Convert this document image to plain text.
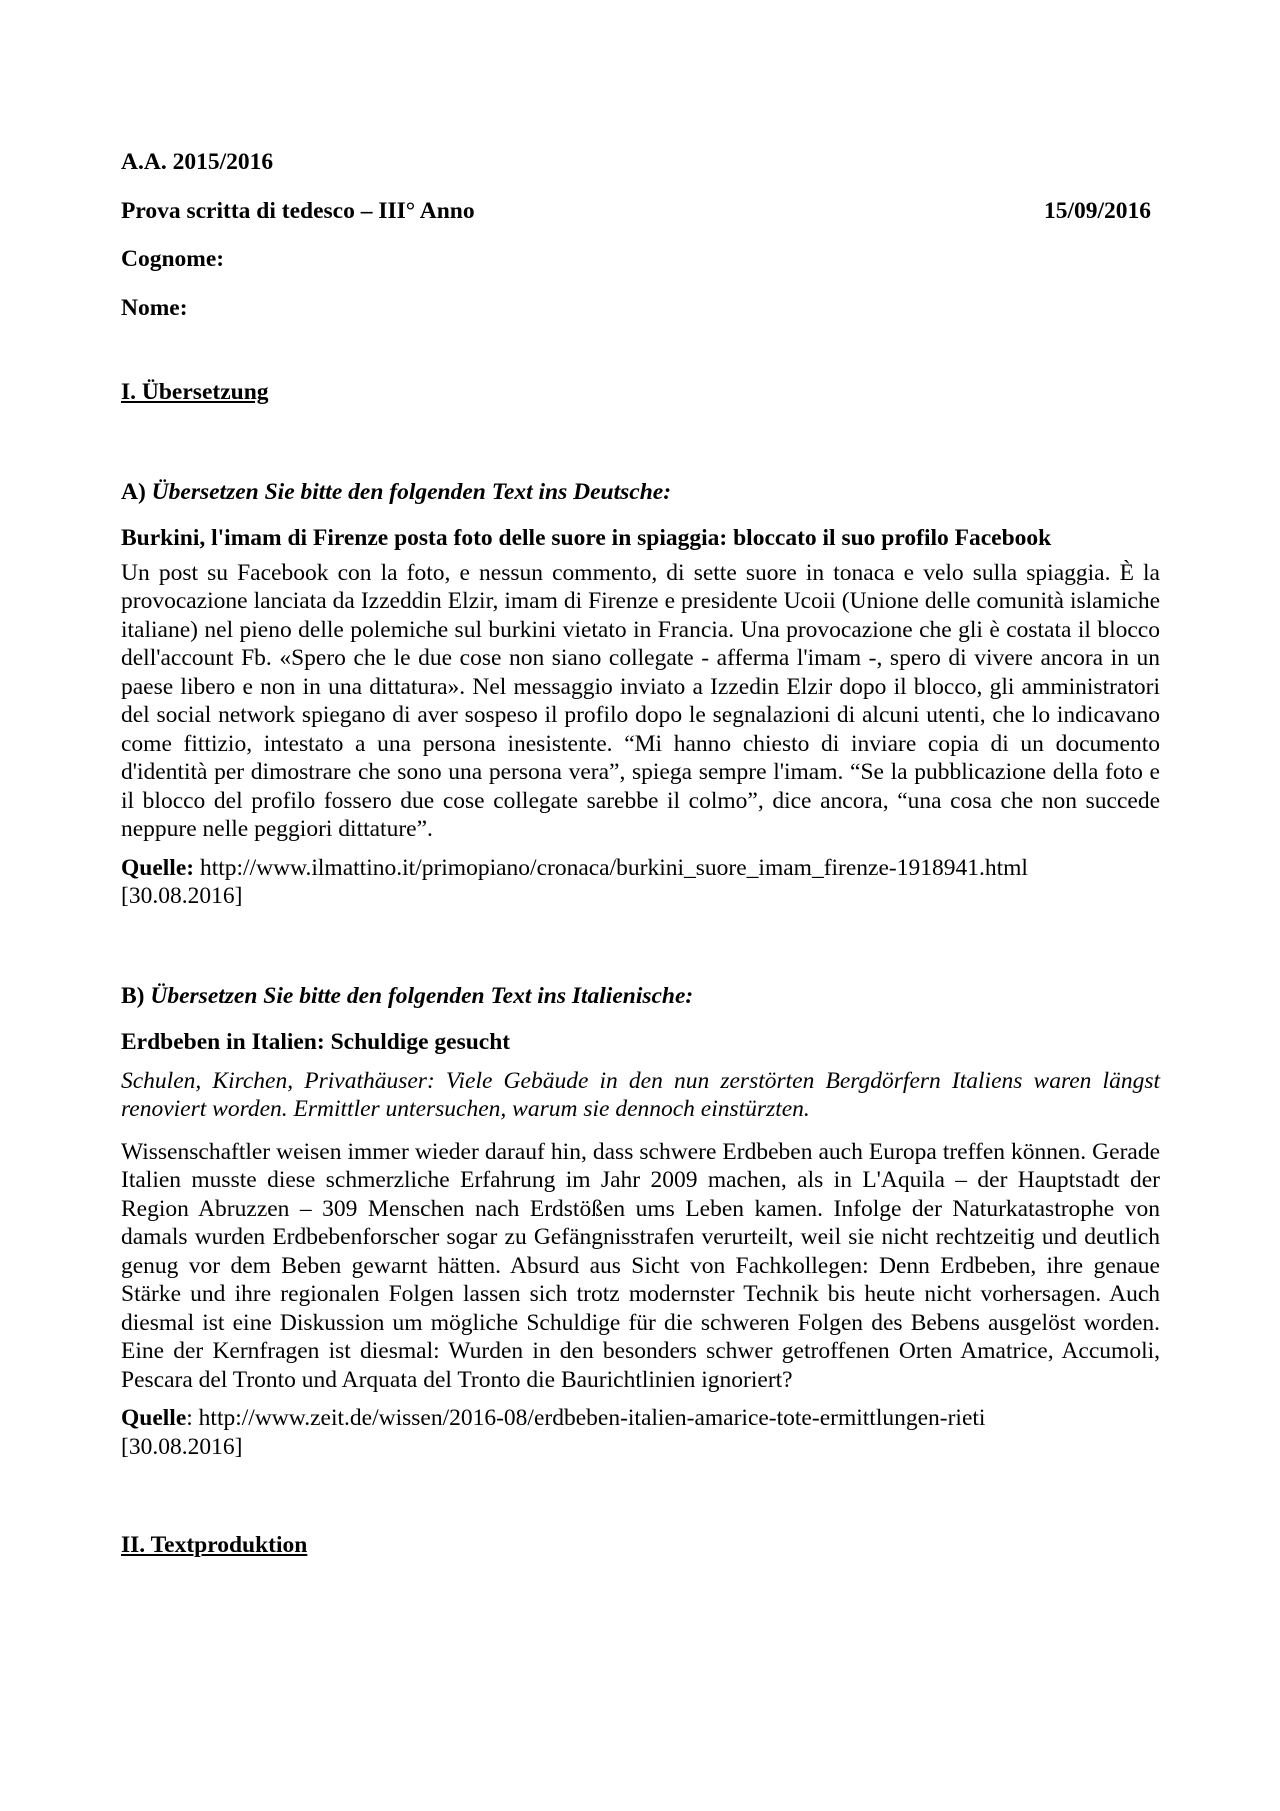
A.A. 2015/2016
Prova scritta di tedesco – III° Anno	15/09/2016
Cognome:
Nome:

I. Übersetzung

A) Übersetzen Sie bitte den folgenden Text ins Deutsche:

Burkini, l'imam di Firenze posta foto delle suore in spiaggia: bloccato il suo profilo Facebook

Un post su Facebook con la foto, e nessun commento, di sette suore in tonaca e velo sulla spiaggia. È la provocazione lanciata da Izzeddin Elzir, imam di Firenze e presidente Ucoii (Unione delle comunità islamiche italiane) nel pieno delle polemiche sul burkini vietato in Francia. Una provocazione che gli è costata il blocco dell'account Fb. «Spero che le due cose non siano collegate - afferma l'imam -, spero di vivere ancora in un paese libero e non in una dittatura». Nel messaggio inviato a Izzedin Elzir dopo il blocco, gli amministratori del social network spiegano di aver sospeso il profilo dopo le segnalazioni di alcuni utenti, che lo indicavano come fittizio, intestato a una persona inesistente. “Mi hanno chiesto di inviare copia di un documento d'identità per dimostrare che sono una persona vera”, spiega sempre l'imam. “Se la pubblicazione della foto e il blocco del profilo fossero due cose collegate sarebbe il colmo”, dice ancora, “una cosa che non succede neppure nelle peggiori dittature”.

Quelle: http://www.ilmattino.it/primopiano/cronaca/burkini_suore_imam_firenze-1918941.html
[30.08.2016]

B) Übersetzen Sie bitte den folgenden Text ins Italienische:

Erdbeben in Italien: Schuldige gesucht

Schulen, Kirchen, Privathäuser: Viele Gebäude in den nun zerstörten Bergdörfern Italiens waren längst renoviert worden. Ermittler untersuchen, warum sie dennoch einstürzten.

Wissenschaftler weisen immer wieder darauf hin, dass schwere Erdbeben auch Europa treffen können. Gerade Italien musste diese schmerzliche Erfahrung im Jahr 2009 machen, als in L'Aquila – der Hauptstadt der Region Abruzzen – 309 Menschen nach Erdstößen ums Leben kamen. Infolge der Naturkatastrophe von damals wurden Erdbebenforscher sogar zu Gefängnisstrafen verurteilt, weil sie nicht rechtzeitig und deutlich genug vor dem Beben gewarnt hätten. Absurd aus Sicht von Fachkollegen: Denn Erdbeben, ihre genaue Stärke und ihre regionalen Folgen lassen sich trotz modernster Technik bis heute nicht vorhersagen. Auch diesmal ist eine Diskussion um mögliche Schuldige für die schweren Folgen des Bebens ausgelöst worden. Eine der Kernfragen ist diesmal: Wurden in den besonders schwer getroffenen Orten Amatrice, Accumoli, Pescara del Tronto und Arquata del Tronto die Baurichtlinien ignoriert?

Quelle: http://www.zeit.de/wissen/2016-08/erdbeben-italien-amarice-tote-ermittlungen-rieti
[30.08.2016]

II. Textproduktion
